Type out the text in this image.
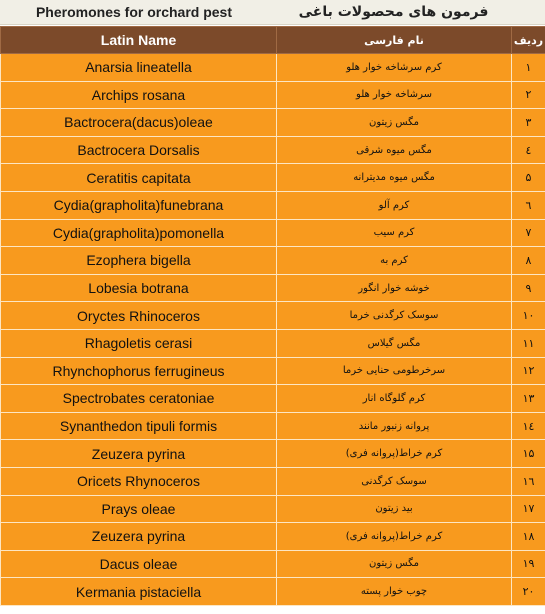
Pheromones for orchard pest	فرمون های محصولات باغی
Latin Name	نام فارسی	ردیف
Anarsia lineatella	کرم سرشاخه خوار هلو	۱
Archips rosana	سرشاخه خوار هلو	۲
Bactrocera(dacus)oleae	مگس زیتون	۳
Bactrocera Dorsalis	مگس میوه شرقی	٤
Ceratitis capitata	مگس میوه مدیترانه	۵
Cydia(grapholita)funebrana	کرم آلو	٦
Cydia(grapholita)pomonella	کرم سیب	۷
Ezophera bigella	کرم به	۸
Lobesia botrana	خوشه خوار انگور	۹
Oryctes Rhinoceros	سوسک کرگدنی خرما	۱۰
Rhagoletis cerasi	مگس گیلاس	۱۱
Rhynchophorus ferrugineus	سرخرطومی حنایی خرما	۱۲
Spectrobates ceratoniae	کرم گلوگاه انار	۱۳
Synanthedon tipuli formis	پروانه زنبور مانند	۱٤
Zeuzera pyrina	کرم خراط(پروانه فری)	۱۵
Oricets Rhynoceros	سوسک کرگدنی	۱٦
Prays oleae	بید زیتون	۱۷
Zeuzera pyrina	کرم خراط(پروانه فری)	۱۸
Dacus oleae	مگس زیتون	۱۹
Kermania pistaciella	چوب خوار پسته	۲۰
